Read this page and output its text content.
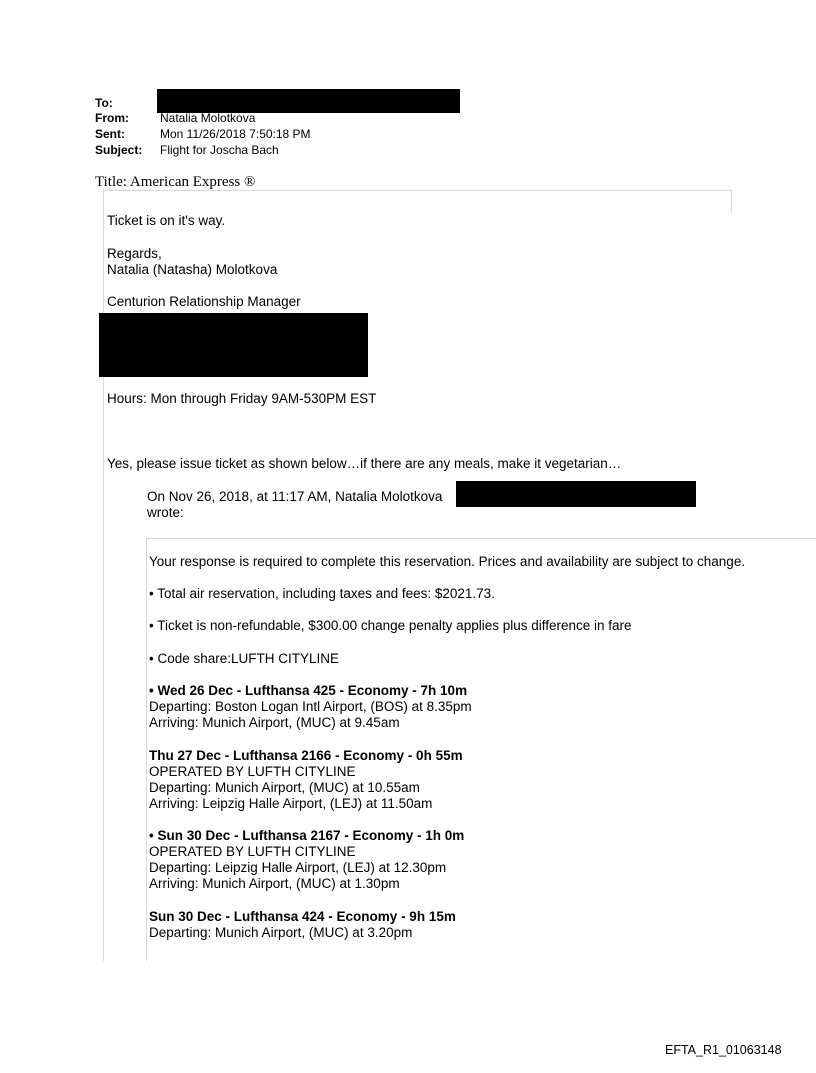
To:
From:	Natalia Molotkova
Sent:	Mon 11/26/2018 7:50:18 PM
Subject: Flight for Joscha Bach
Title: American Express ®
Ticket is on it's way.
Regards,
Natalia (Natasha) Molotkova
Centurion Relationship Manager
Hours: Mon through Friday 9AM-530PM EST
Yes, please issue ticket as shown below…if there are any meals, make it vegetarian…
On Nov 26, 2018, at 11:17 AM, Natalia Molotkova
wrote:
Your response is required to complete this reservation. Prices and availability are subject to change.
• Total air reservation, including taxes and fees: $2021.73.
• Ticket is non-refundable, $300.00 change penalty applies plus difference in fare
• Code share:LUFTH CITYLINE
• Wed 26 Dec - Lufthansa 425 - Economy - 7h 10m
Departing: Boston Logan Intl Airport, (BOS) at 8.35pm
Arriving: Munich Airport, (MUC) at 9.45am
Thu 27 Dec - Lufthansa 2166 - Economy - 0h 55m
OPERATED BY LUFTH CITYLINE
Departing: Munich Airport, (MUC) at 10.55am
Arriving: Leipzig Halle Airport, (LEJ) at 11.50am
• Sun 30 Dec - Lufthansa 2167 - Economy - 1h 0m
OPERATED BY LUFTH CITYLINE
Departing: Leipzig Halle Airport, (LEJ) at 12.30pm
Arriving: Munich Airport, (MUC) at 1.30pm
Sun 30 Dec - Lufthansa 424 - Economy - 9h 15m
Departing: Munich Airport, (MUC) at 3.20pm
EFTA_R1_01063148
